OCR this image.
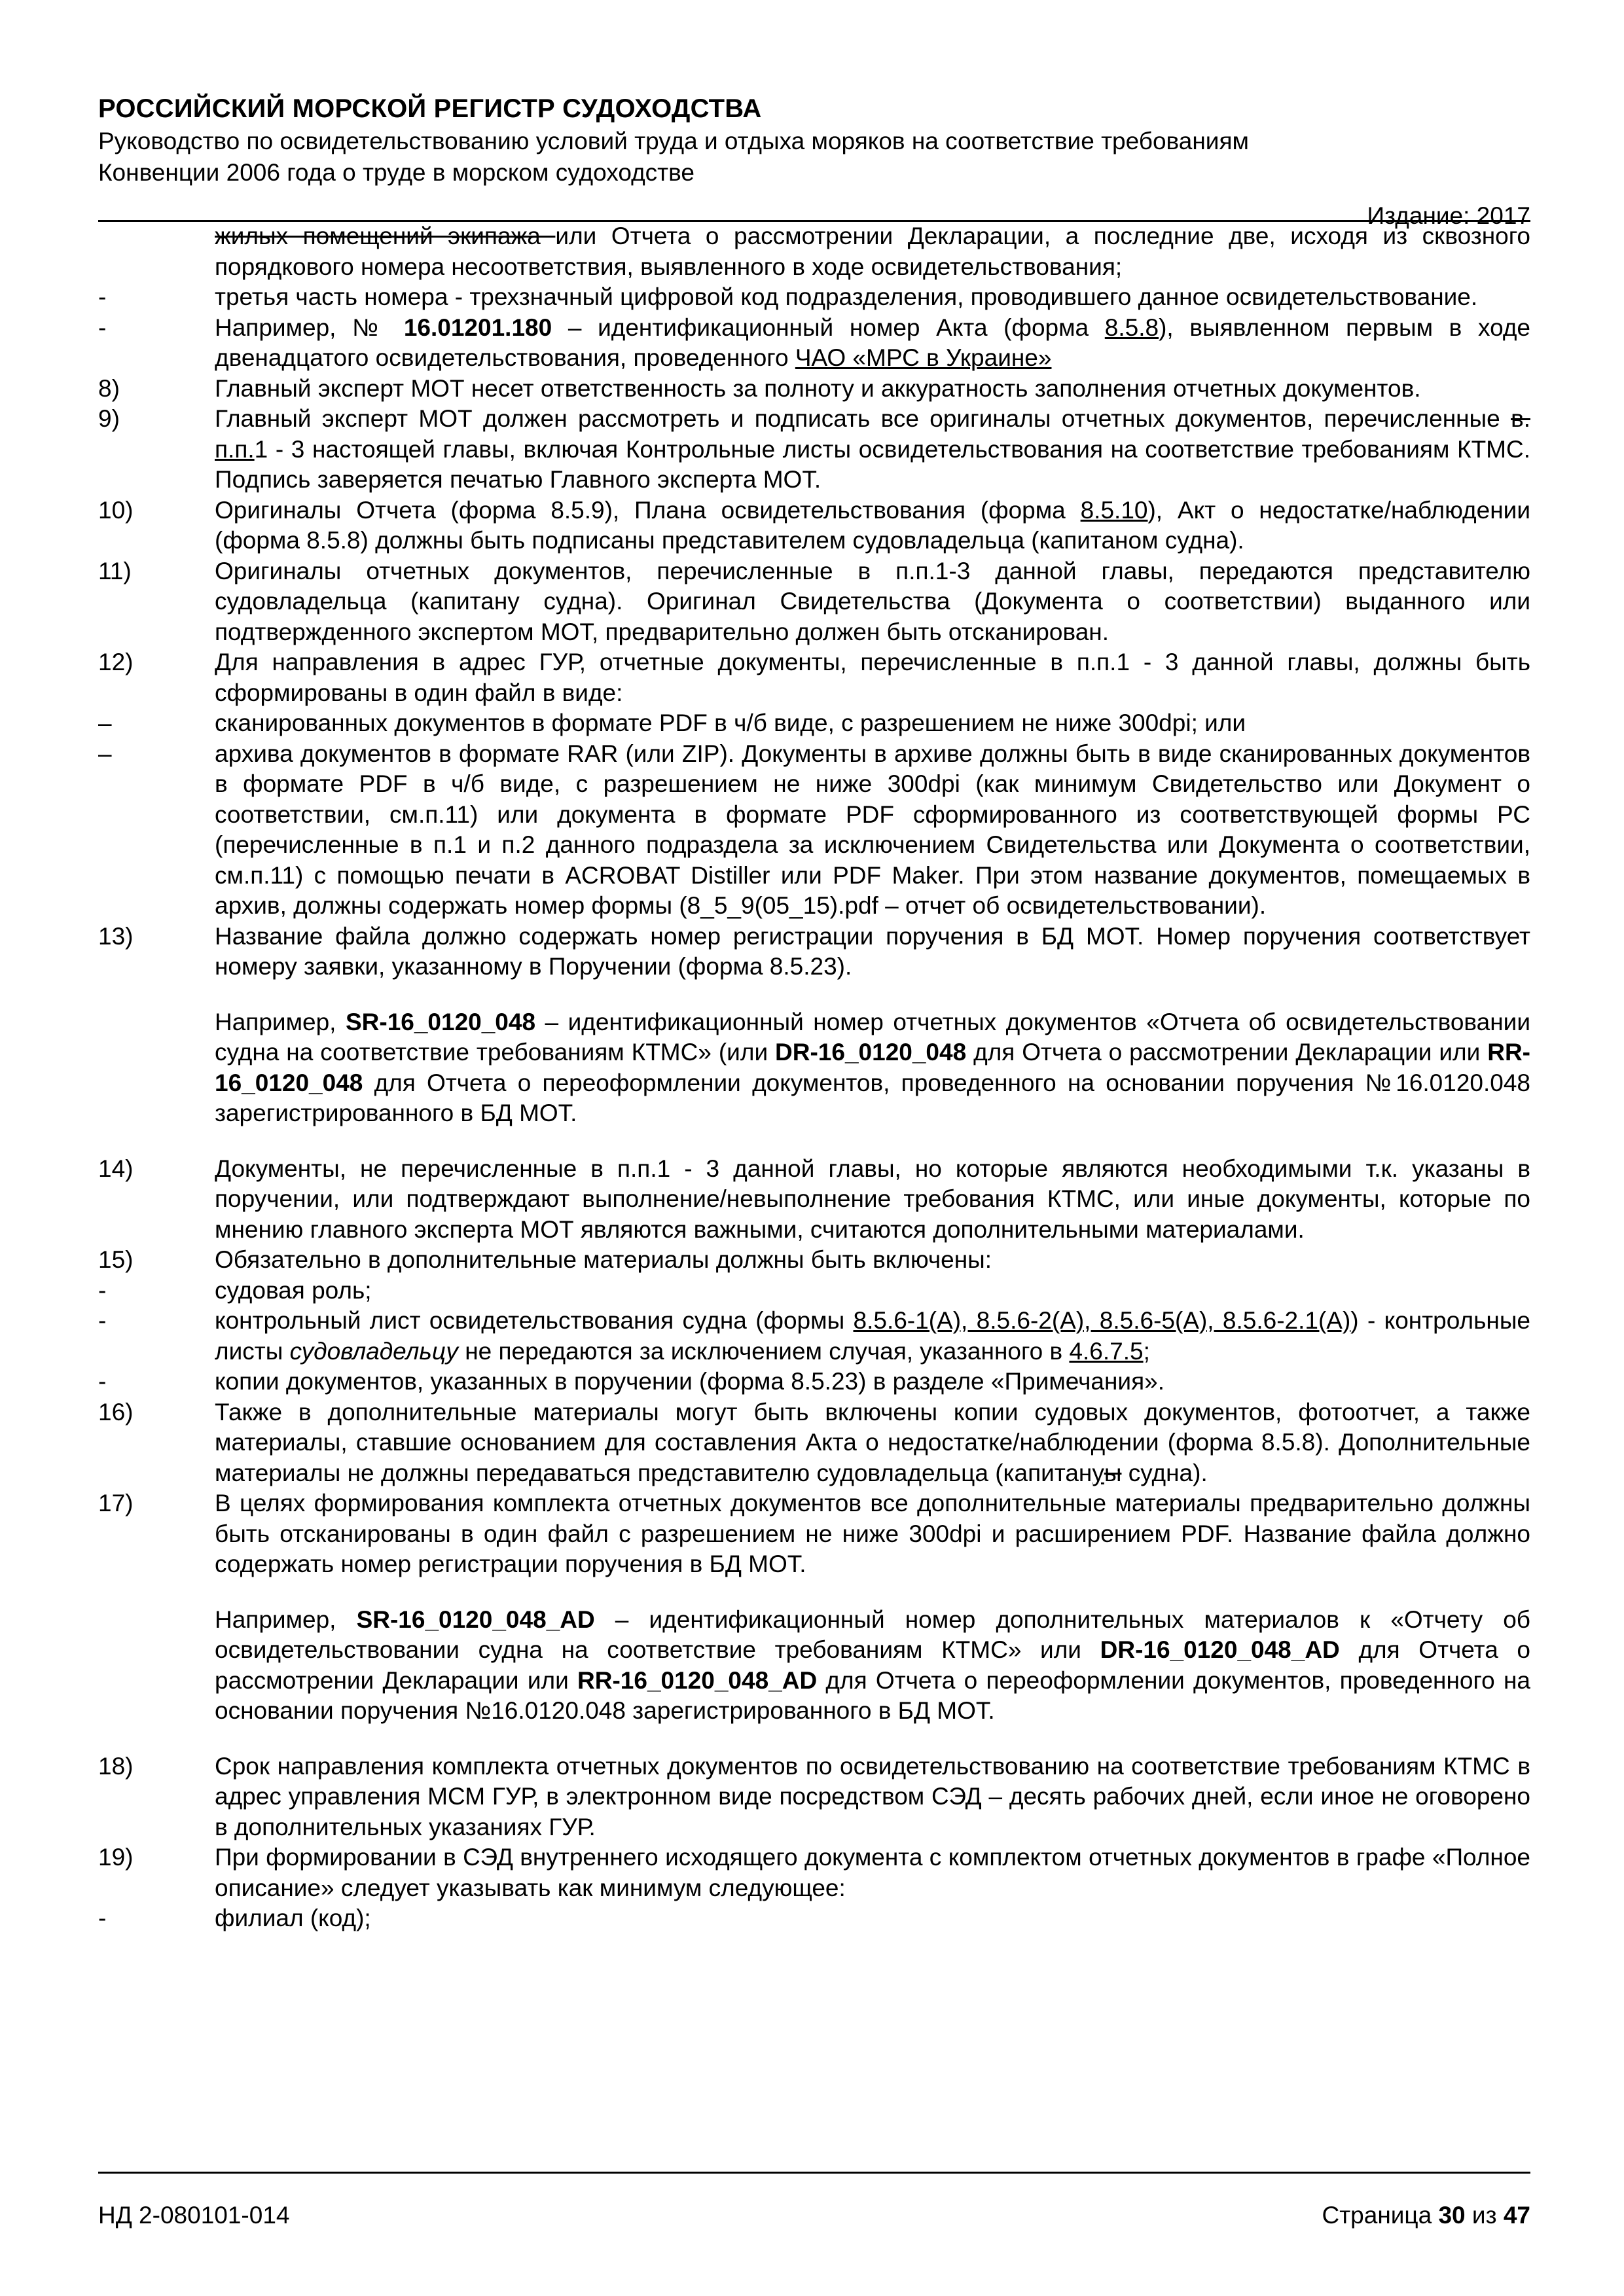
РОССИЙСКИЙ МОРСКОЙ РЕГИСТР СУДОХОДСТВА
Руководство по освидетельствованию условий труда и отдыха моряков на соответствие требованиям
Конвенции 2006 года о труде в морском судоходстве
Издание: 2017
жилых помещений экипажа или Отчета о рассмотрении Декларации, а последние две, исходя из сквозного порядкового номера несоответствия, выявленного в ходе освидетельствования;
-	третья часть номера - трехзначный цифровой код подразделения, проводившего данное освидетельствование.
-	Например, № 16.01201.180 – идентификационный номер Акта (форма 8.5.8), выявленном первым в ходе двенадцатого освидетельствования, проведенного ЧАО «МРС в Украине»
8)	Главный эксперт МОТ несет ответственность за полноту и аккуратность заполнения отчетных документов.
9)	Главный эксперт МОТ должен рассмотреть и подписать все оригиналы отчетных документов, перечисленные в. п.п.1 - 3 настоящей главы, включая Контрольные листы освидетельствования на соответствие требованиям КТМС. Подпись заверяется печатью Главного эксперта МОТ.
10)	Оригиналы Отчета (форма 8.5.9), Плана освидетельствования (форма 8.5.10), Акт о недостатке/наблюдении (форма 8.5.8) должны быть подписаны представителем судовладельца (капитаном судна).
11)	Оригиналы отчетных документов, перечисленные в п.п.1-3 данной главы, передаются представителю судовладельца (капитану судна). Оригинал Свидетельства (Документа о соответствии) выданного или подтвержденного экспертом МОТ, предварительно должен быть отсканирован.
12)	Для направления в адрес ГУР, отчетные документы, перечисленные в п.п.1 - 3 данной главы, должны быть сформированы в один файл в виде:
–	сканированных документов в формате PDF в ч/б виде, с разрешением не ниже 300dpi; или
–	архива документов в формате RAR (или ZIP). Документы в архиве должны быть в виде сканированных документов в формате PDF в ч/б виде, с разрешением не ниже 300dpi (как минимум Свидетельство или Документ о соответствии, см.п.11) или документа в формате PDF сформированного из соответствующей формы РС (перечисленные в п.1 и п.2 данного подраздела за исключением Свидетельства или Документа о соответствии, см.п.11) с помощью печати в ACROBAT Distiller или PDF Maker. При этом название документов, помещаемых в архив, должны содержать номер формы (8_5_9(05_15).pdf – отчет об освидетельствовании).
13)	Название файла должно содержать номер регистрации поручения в БД МОТ. Номер поручения соответствует номеру заявки, указанному в Поручении (форма 8.5.23).
Например, SR-16_0120_048 – идентификационный номер отчетных документов «Отчета об освидетельствовании судна на соответствие требованиям КТМС» (или DR-16_0120_048 для Отчета о рассмотрении Декларации или RR-16_0120_048 для Отчета о переоформлении документов, проведенного на основании поручения №16.0120.048 зарегистрированного в БД МОТ.
14)	Документы, не перечисленные в п.п.1 - 3 данной главы, но которые являются необходимыми т.к. указаны в поручении, или подтверждают выполнение/невыполнение требования КТМС, или иные документы, которые по мнению главного эксперта МОТ являются важными, считаются дополнительными материалами.
15)	Обязательно в дополнительные материалы должны быть включены:
-	судовая роль;
-	контрольный лист освидетельствования судна (формы 8.5.6-1(А), 8.5.6-2(А), 8.5.6-5(А), 8.5.6-2.1(А)) - контрольные листы судовладельцу не передаются за исключением случая, указанного в 4.6.7.5;
-	копии документов, указанных в поручении (форма 8.5.23) в разделе «Примечания».
16)	Также в дополнительные материалы могут быть включены копии судовых документов, фотоотчет, а также материалы, ставшие основанием для составления Акта о недостатке/наблюдении (форма 8.5.8). Дополнительные материалы не должны передаваться представителю судовладельца (капитануы судна).
17)	В целях формирования комплекта отчетных документов все дополнительные материалы предварительно должны быть отсканированы в один файл с разрешением не ниже 300dpi и расширением PDF. Название файла должно содержать номер регистрации поручения в БД МОТ.
Например, SR-16_0120_048_AD – идентификационный номер дополнительных материалов к «Отчету об освидетельствовании судна на соответствие требованиям КТМС» или DR-16_0120_048_AD для Отчета о рассмотрении Декларации или RR-16_0120_048_AD для Отчета о переоформлении документов, проведенного на основании поручения №16.0120.048 зарегистрированного в БД МОТ.
18)	Срок направления комплекта отчетных документов по освидетельствованию на соответствие требованиям КТМС в адрес управления МСМ ГУР, в электронном виде посредством СЭД – десять рабочих дней, если иное не оговорено в дополнительных указаниях ГУР.
19)	При формировании в СЭД внутреннего исходящего документа с комплектом отчетных документов в графе «Полное описание» следует указывать как минимум следующее:
-	филиал (код);
НД 2-080101-014	Страница 30 из 47
